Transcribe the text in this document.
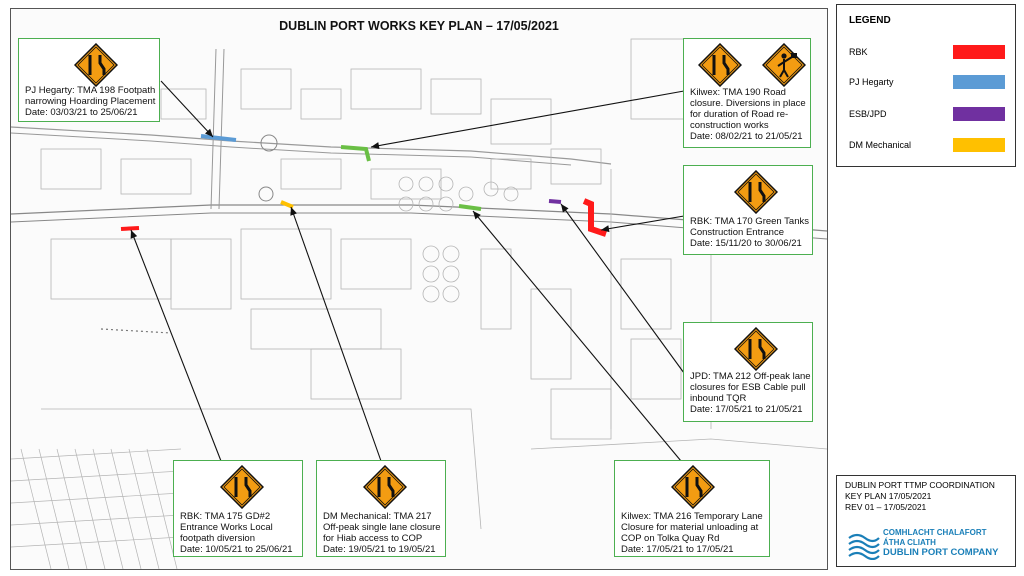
DUBLIN PORT WORKS KEY PLAN – 17/05/2021
PJ Hegarty: TMA 198 Footpath
narrowing Hoarding Placement
Date: 03/03/21 to 25/06/21
Kilwex: TMA 190 Road
closure. Diversions in place
for duration of Road re-
construction works
Date: 08/02/21 to 21/05/21
RBK: TMA 170 Green Tanks
Construction Entrance
Date: 15/11/20 to 30/06/21
JPD: TMA 212 Off-peak lane
closures for ESB Cable pull
inbound TQR
Date: 17/05/21 to 21/05/21
RBK: TMA 175 GD#2
Entrance Works Local
footpath diversion
Date: 10/05/21 to 25/06/21
DM Mechanical: TMA 217
Off-peak single lane closure
for Hiab access to COP
Date: 19/05/21 to 19/05/21
Kilwex: TMA 216 Temporary Lane
Closure for material unloading at
COP on Tolka Quay Rd
Date: 17/05/21 to 17/05/21
LEGEND
RBK
PJ Hegarty
ESB/JPD
DM Mechanical
DUBLIN PORT TTMP COORDINATION
KEY PLAN 17/05/2021
REV 01 – 17/05/2021
COMHLACHT CHALAFORT
ÁTHA CLIATH
DUBLIN PORT COMPANY
